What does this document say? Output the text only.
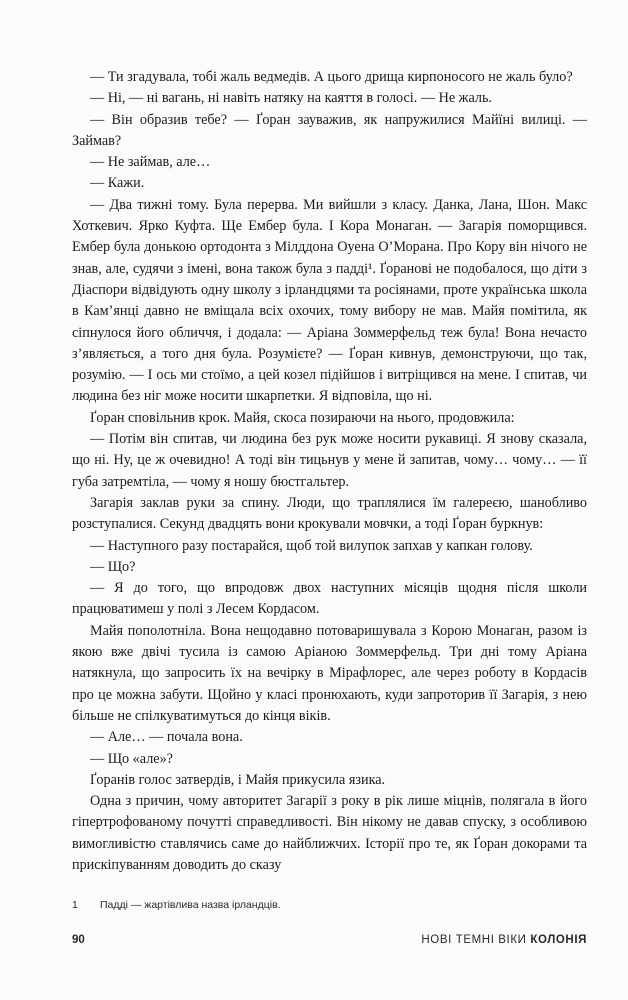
— Ти згадувала, тобі жаль ведмедів. А цього дрища кирпоносого не жаль було?

— Ні, — ні вагань, ні навіть натяку на каяття в голосі. — Не жаль.

— Він образив тебе? — Ґоран зауважив, як напружилися Майїні вилиці. — Займав?

— Не займав, але…

— Кажи.

— Два тижні тому. Була перерва. Ми вийшли з класу. Данка, Лана, Шон. Макс Хоткевич. Ярко Куфта. Ще Ембер була. І Кора Монаган. — Загарія поморщився. Ембер була донькою ортодонта з Мілддона Оуена О’Морана. Про Кору він нічого не знав, але, судячи з імені, вона також була з падді¹. Ґоранові не подобалося, що діти з Діаспори відвідують одну школу з ірландцями та росіянами, проте українська школа в Кам’янці давно не вміщала всіх охочих, тому вибору не мав. Майя помітила, як сіпнулося його обличчя, і додала: — Аріана Зоммерфельд теж була! Вона нечасто з’являється, а того дня була. Розумієте? — Ґоран кивнув, демонструючи, що так, розумію. — І ось ми стоїмо, а цей козел підійшов і витріщився на мене. І спитав, чи людина без ніг може носити шкарпетки. Я відповіла, що ні.

Ґоран сповільнив крок. Майя, скоса позираючи на нього, продовжила:

— Потім він спитав, чи людина без рук може носити рукавиці. Я знову сказала, що ні. Ну, це ж очевидно! А тоді він тицьнув у мене й запитав, чому… чому… — її губа затремтіла, — чому я ношу бюстгальтер.

Загарія заклав руки за спину. Люди, що траплялися їм галереєю, шанобливо розступалися. Секунд двадцять вони крокували мовчки, а тоді Ґоран буркнув:

— Наступного разу постарайся, щоб той вилупок запхав у капкан голову.

— Що?

— Я до того, що впродовж двох наступних місяців щодня після школи працюватимеш у полі з Лесем Кордасом.

Майя пополотніла. Вона нещодавно потоваришувала з Корою Монаган, разом із якою вже двічі тусила із самою Аріаною Зоммерфельд. Три дні тому Аріана натякнула, що запросить їх на вечірку в Мірафлорес, але через роботу в Кордасів про це можна забути. Щойно у класі пронюхають, куди запроторив її Загарія, з нею більше не спілкуватимуться до кінця віків.

— Але… — почала вона.

— Що «але»?

Ґоранів голос затвердів, і Майя прикусила язика.

Одна з причин, чому авторитет Загарії з року в рік лише міцнів, полягала в його гіпертрофованому почутті справедливості. Він нікому не давав спуску, з особливою вимогливістю ставлячись саме до найближчих. Історії про те, як Ґоран докорами та прискіпуванням доводить до сказу

1 Падді — жартівлива назва ірландців.
90	НОВІ ТЕМНІ ВІКИ КОЛОНІЯ
